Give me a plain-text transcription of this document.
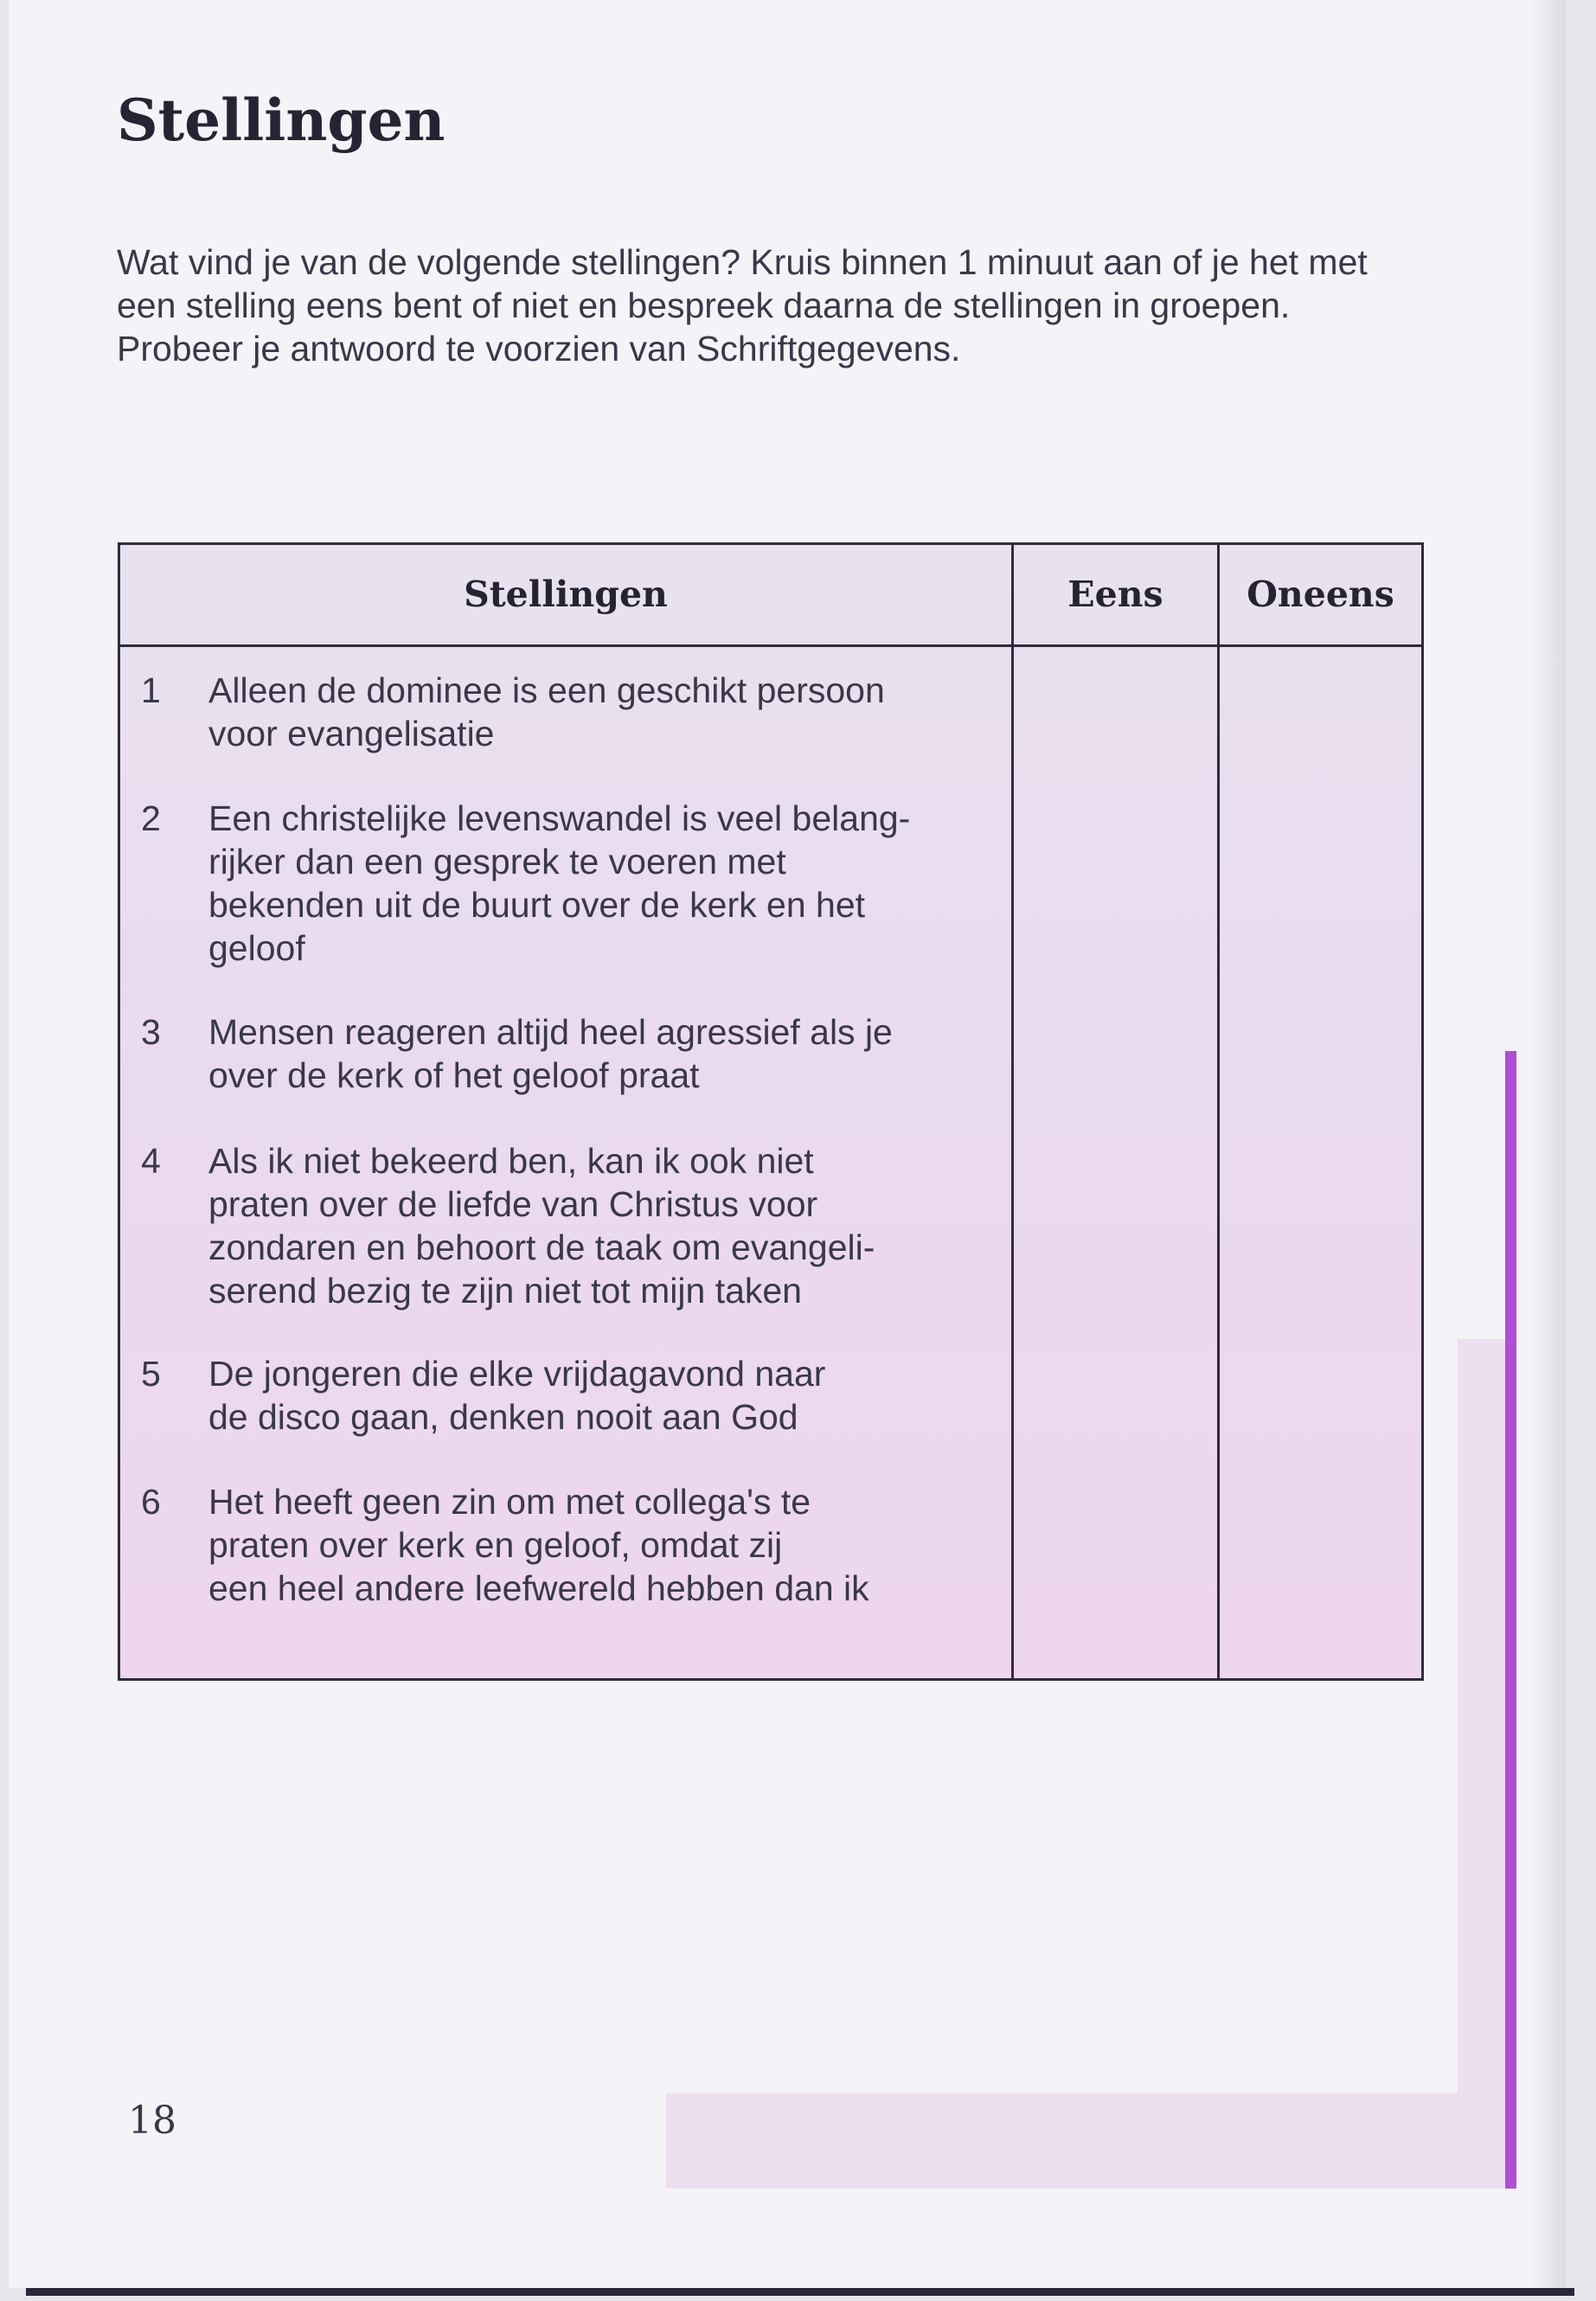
Stellingen

Wat vind je van de volgende stellingen? Kruis binnen 1 minuut aan of je het met
een stelling eens bent of niet en bespreek daarna de stellingen in groepen.
Probeer je antwoord te voorzien van Schriftgegevens.

Stellingen	Eens	Oneens
1	Alleen de dominee is een geschikt persoon
voor evangelisatie
2	Een christelijke levenswandel is veel belang-
rijker dan een gesprek te voeren met
bekenden uit de buurt over de kerk en het
geloof
3	Mensen reageren altijd heel agressief als je
over de kerk of het geloof praat
4	Als ik niet bekeerd ben, kan ik ook niet
praten over de liefde van Christus voor
zondaren en behoort de taak om evangeli-
serend bezig te zijn niet tot mijn taken
5	De jongeren die elke vrijdagavond naar
de disco gaan, denken nooit aan God
6	Het heeft geen zin om met collega's te
praten over kerk en geloof, omdat zij
een heel andere leefwereld hebben dan ik
18
